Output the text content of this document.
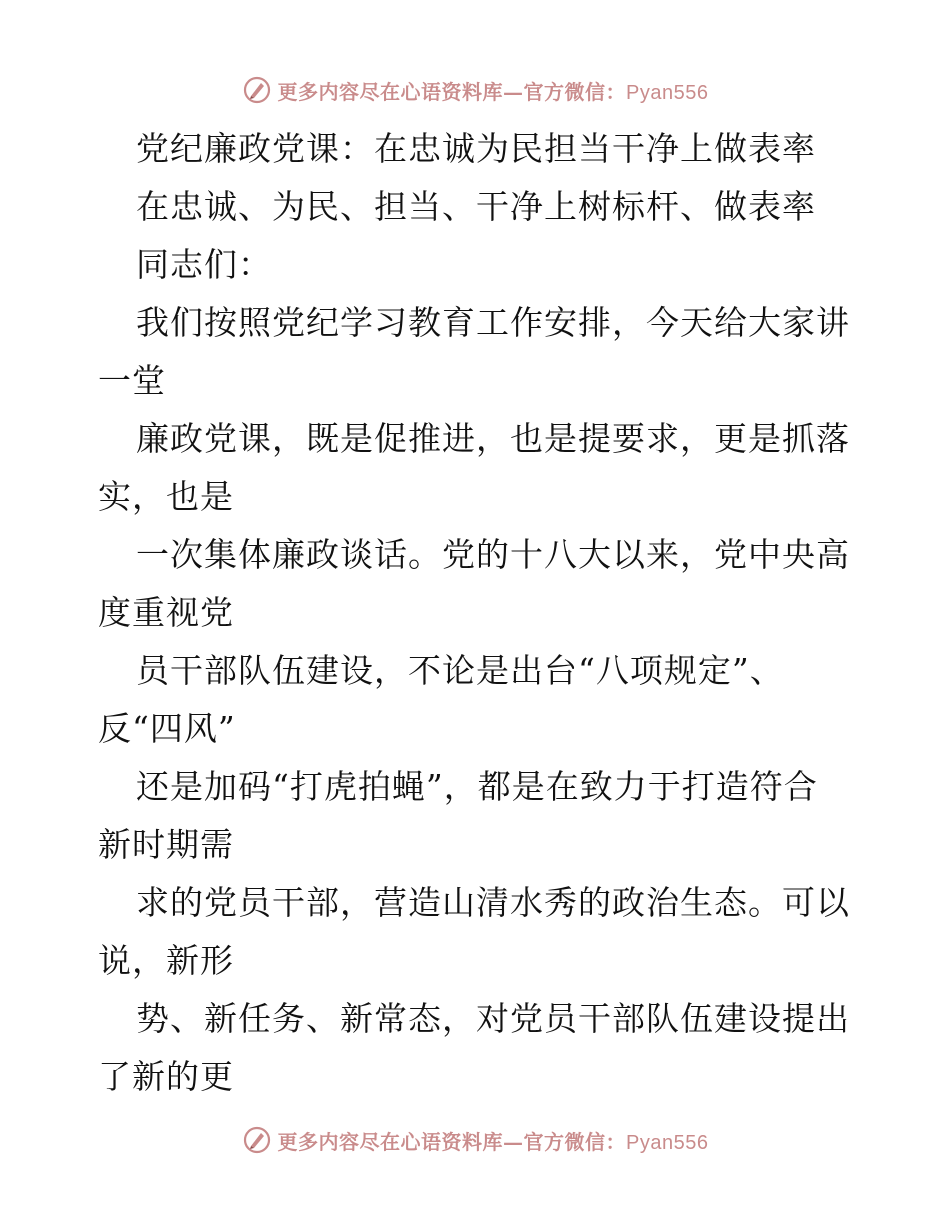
更多内容尽在心语资料库—官方微信：Pyan556
党纪廉政党课：在忠诚为民担当干净上做表率
在忠诚、为民、担当、干净上树标杆、做表率
同志们：
我们按照党纪学习教育工作安排，今天给大家讲
一堂
廉政党课，既是促推进，也是提要求，更是抓落
实，也是
一次集体廉政谈话。党的十八大以来，党中央高
度重视党
员干部队伍建设，不论是出台“八项规定”、
反“四风”
还是加码“打虎拍蝇”，都是在致力于打造符合
新时期需
求的党员干部，营造山清水秀的政治生态。可以
说，新形
势、新任务、新常态，对党员干部队伍建设提出
了新的更
更多内容尽在心语资料库—官方微信：Pyan556
